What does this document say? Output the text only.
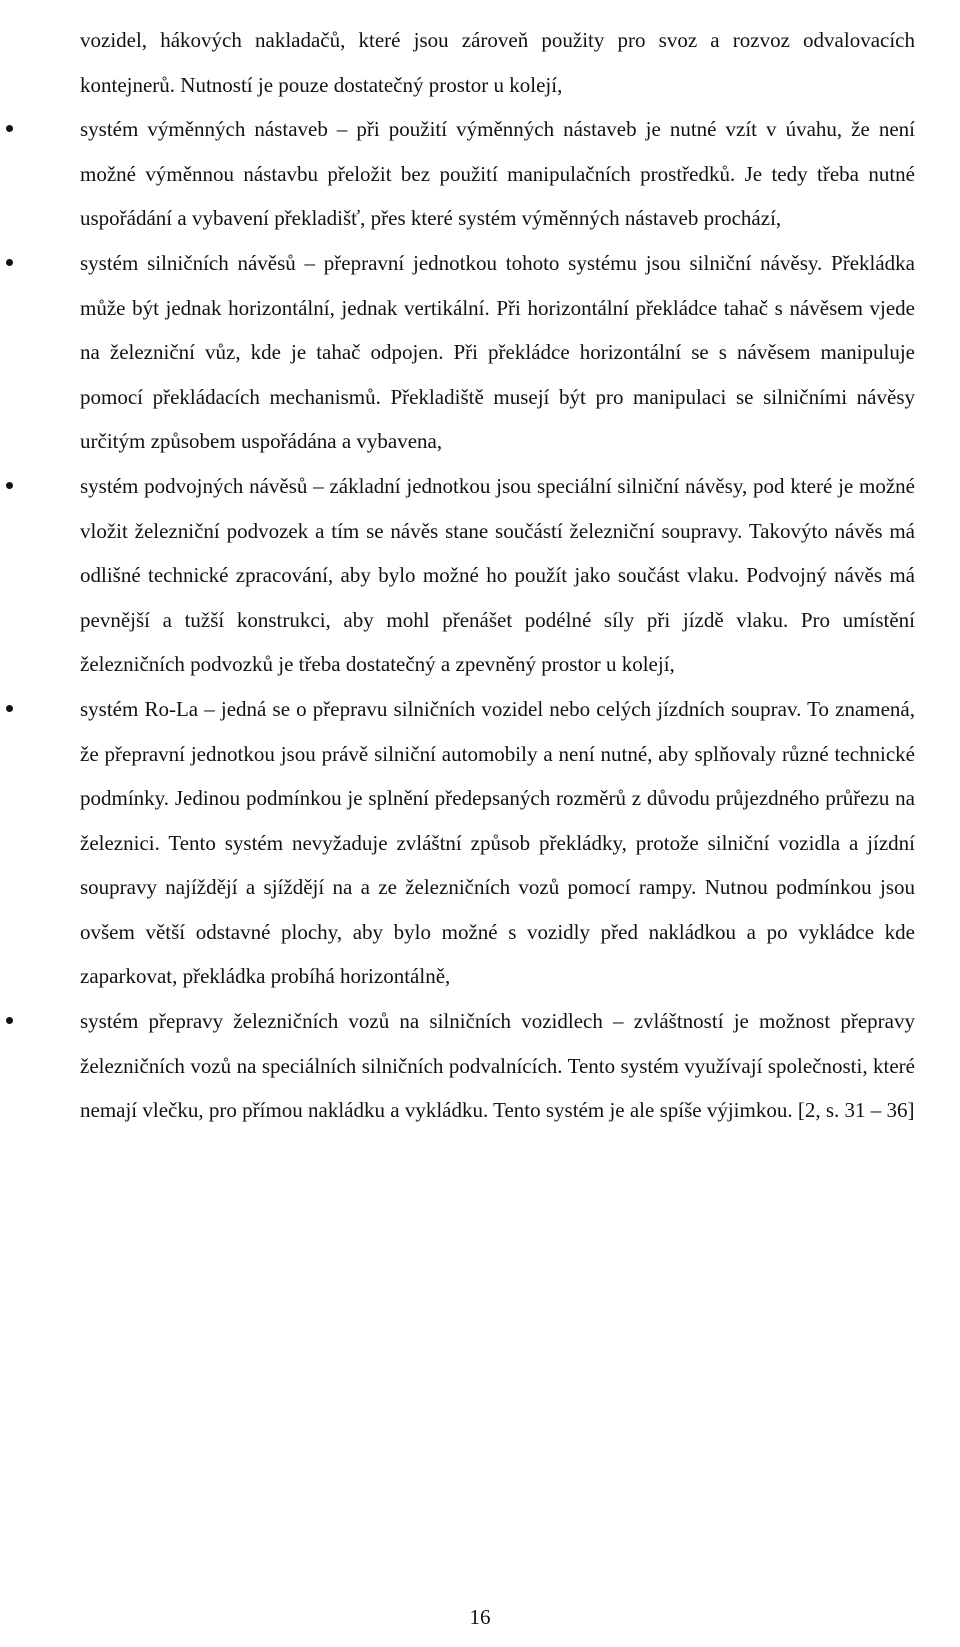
vozidel, hákových nakladačů, které jsou zároveň použity pro svoz a rozvoz odvalovacích kontejnerů. Nutností je pouze dostatečný prostor u kolejí,

systém výměnných nástaveb – při použití výměnných nástaveb je nutné vzít v úvahu, že není možné výměnnou nástavbu přeložit bez použití manipulačních prostředků. Je tedy třeba nutné uspořádání a vybavení překladišť, přes které systém výměnných nástaveb prochází,
systém silničních návěsů – přepravní jednotkou tohoto systému jsou silniční návěsy. Překládka může být jednak horizontální, jednak vertikální. Při horizontální překládce tahač s návěsem vjede na železniční vůz, kde je tahač odpojen. Při překládce horizontální se s návěsem manipuluje pomocí překládacích mechanismů. Překladiště musejí být pro manipulaci se silničními návěsy určitým způsobem uspořádána a vybavena,
systém podvojných návěsů – základní jednotkou jsou speciální silniční návěsy, pod které je možné vložit železniční podvozek a tím se návěs stane součástí železniční soupravy. Takovýto návěs má odlišné technické zpracování, aby bylo možné ho použít jako součást vlaku. Podvojný návěs má pevnější a tužší konstrukci, aby mohl přenášet podélné síly při jízdě vlaku. Pro umístění železničních podvozků je třeba dostatečný a zpevněný prostor u kolejí,
systém Ro-La – jedná se o přepravu silničních vozidel nebo celých jízdních souprav. To znamená, že přepravní jednotkou jsou právě silniční automobily a není nutné, aby splňovaly různé technické podmínky. Jedinou podmínkou je splnění předepsaných rozměrů z důvodu průjezdného průřezu na železnici. Tento systém nevyžaduje zvláštní způsob překládky, protože silniční vozidla a jízdní soupravy najíždějí a sjíždějí na a ze železničních vozů pomocí rampy. Nutnou podmínkou jsou ovšem větší odstavné plochy, aby bylo možné s vozidly před nakládkou a po vykládce kde zaparkovat, překládka probíhá horizontálně,
systém přepravy železničních vozů na silničních vozidlech – zvláštností je možnost přepravy železničních vozů na speciálních silničních podvalnících. Tento systém využívají společnosti, které nemají vlečku, pro přímou nakládku a vykládku. Tento systém je ale spíše výjimkou. [2, s. 31 – 36]
16
